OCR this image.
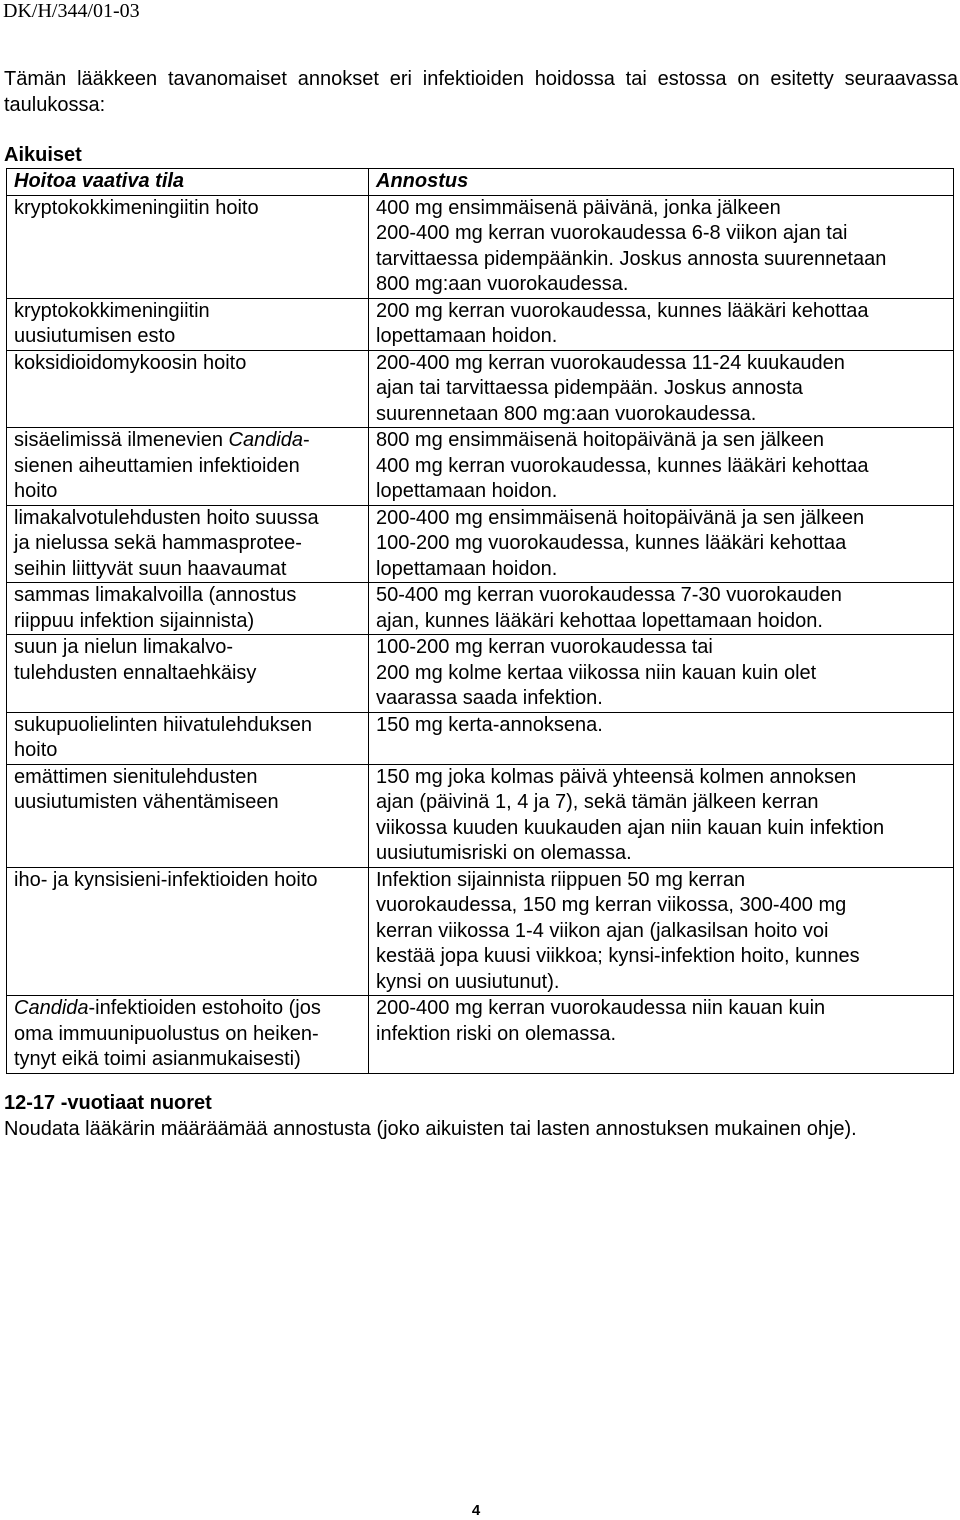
DK/H/344/01-03

Tämän lääkkeen tavanomaiset annokset eri infektioiden hoidossa tai estossa on esitetty seuraavassa taulukossa:

Aikuiset
Hoitoa vaativa tila	Annostus

kryptokokkimeningiitin hoito	400 mg ensimmäisenä päivänä, jonka jälkeen
200-400 mg kerran vuorokaudessa 6-8 viikon ajan tai
tarvittaessa pidempäänkin. Joskus annosta suurennetaan
800 mg:aan vuorokaudessa.

kryptokokkimeningiitin
uusiutumisen esto	200 mg kerran vuorokaudessa, kunnes lääkäri kehottaa
lopettamaan hoidon.

koksidioidomykoosin hoito	200-400 mg kerran vuorokaudessa 11-24 kuukauden
ajan tai tarvittaessa pidempään. Joskus annosta
suurennetaan 800 mg:aan vuorokaudessa.

sisäelimissä ilmenevien Candida-
sienen aiheuttamien infektioiden
hoito	800 mg ensimmäisenä hoitopäivänä ja sen jälkeen
400 mg kerran vuorokaudessa, kunnes lääkäri kehottaa
lopettamaan hoidon.

limakalvotulehdusten hoito suussa
ja nielussa sekä hammasprotee-
seihin liittyvät suun haavaumat	200-400 mg ensimmäisenä hoitopäivänä ja sen jälkeen
100-200 mg vuorokaudessa, kunnes lääkäri kehottaa
lopettamaan hoidon.

sammas limakalvoilla (annostus
riippuu infektion sijainnista)	50-400 mg kerran vuorokaudessa 7-30 vuorokauden
ajan, kunnes lääkäri kehottaa lopettamaan hoidon.

suun ja nielun limakalvo-
tulehdusten ennaltaehkäisy	100-200 mg kerran vuorokaudessa tai
200 mg kolme kertaa viikossa niin kauan kuin olet
vaarassa saada infektion.

sukupuolielinten hiivatulehduksen
hoito	150 mg kerta-annoksena.

emättimen sienitulehdusten
uusiutumisten vähentämiseen	150 mg joka kolmas päivä yhteensä kolmen annoksen
ajan (päivinä 1, 4 ja 7), sekä tämän jälkeen kerran
viikossa kuuden kuukauden ajan niin kauan kuin infektion
uusiutumisriski on olemassa.

iho- ja kynsisieni-infektioiden hoito	Infektion sijainnista riippuen 50 mg kerran
vuorokaudessa, 150 mg kerran viikossa, 300-400 mg
kerran viikossa 1-4 viikon ajan (jalkasilsan hoito voi
kestää jopa kuusi viikkoa; kynsi-infektion hoito, kunnes
kynsi on uusiutunut).

Candida-infektioiden estohoito (jos
oma immuunipuolustus on heiken-
tynyt eikä toimi asianmukaisesti)	200-400 mg kerran vuorokaudessa niin kauan kuin
infektion riski on olemassa.
12-17 -vuotiaat nuoret
Noudata lääkärin määräämää annostusta (joko aikuisten tai lasten annostuksen mukainen ohje).
4
